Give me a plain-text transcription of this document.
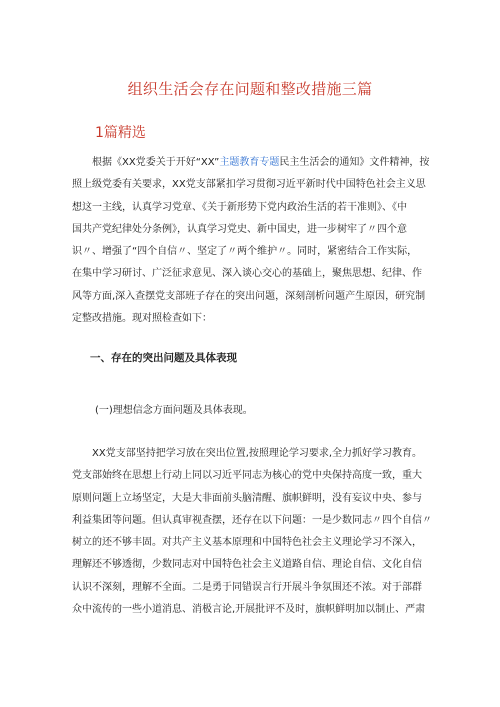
组织生活会存在问题和整改措施三篇
1篇精选
根据《XX党委关于开好“XX”主题教育专题民主生活会的通知》文件精神，按
照上级党委有关要求，XX党支部紧扣学习贯彻习近平新时代中国特色社会主义思
想这一主线，认真学习党章、《关于新形势下党内政治生活的若干准则》、《中
国共产党纪律处分条例》，认真学习党史、新中国史，进一步树牢了〃四个意
识〃、增强了“四个自信〃、坚定了〃两个维护〃。同时，紧密结合工作实际，
在集中学习研讨、广泛征求意见、深入谈心交心的基础上，聚焦思想、纪律、作
风等方面,深入查摆党支部班子存在的突出问题，深刻剖析问题产生原因，研究制
定整改措施。现对照检查如下：
一、存在的突出问题及具体表现
(一)理想信念方面问题及具体表现。
XX党支部坚持把学习放在突出位置,按照理论学习要求,全力抓好学习教育。
党支部始终在思想上行动上同以习近平同志为核心的党中央保持高度一致，重大
原则问题上立场坚定，大是大非面前头脑清醒、旗帜鲜明，没有妄议中央、参与
利益集团等问题。但认真审视查摆，还存在以下问题：一是少数同志〃四个自信〃
树立的还不够丰固。对共产主义基本原理和中国特色社会主义理论学习不深入，
理解还不够透彻，少数同志对中国特色社会主义道路自信、理论自信、文化自信
认识不深刻，理解不全面。二是勇于同错误言行开展斗争氛围还不浓。对于部群
众中流传的一些小道消息、消极言论,开展批评不及时，旗帜鲜明加以制止、严肃
